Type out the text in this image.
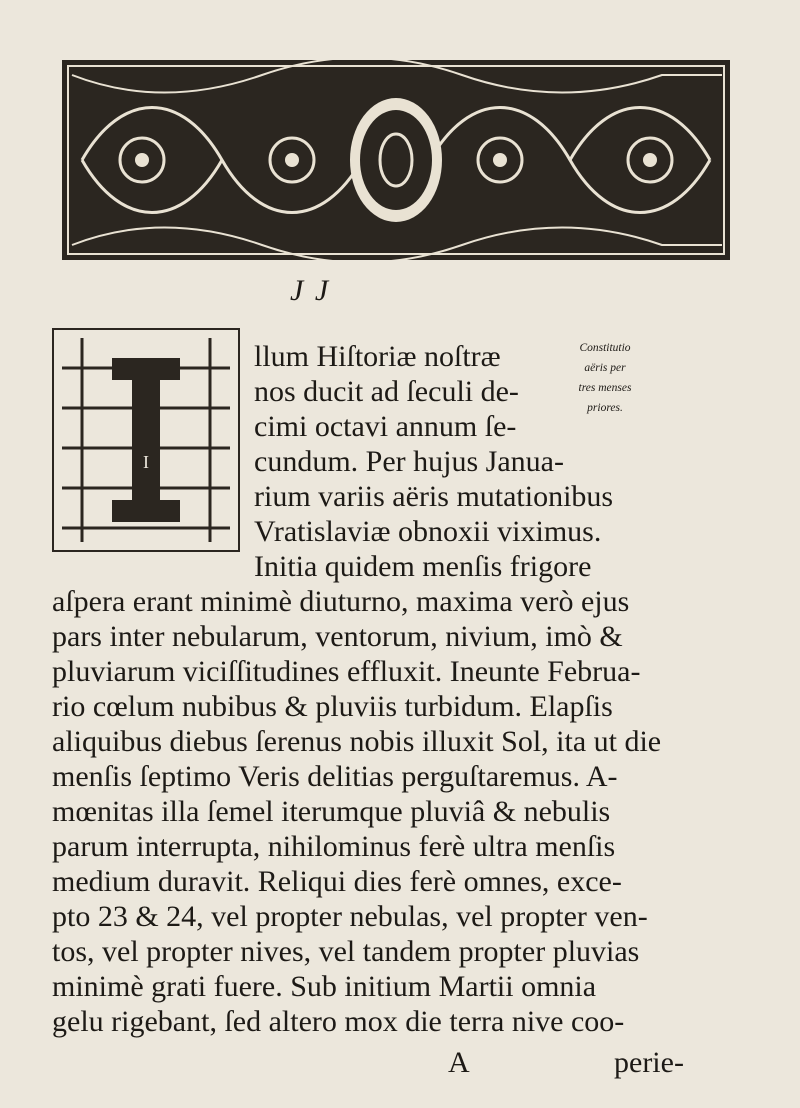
J J
I
Constitutio
aëris per
tres menses
priores.
llum Hiſtoriæ noſtræ
nos ducit ad ſeculi de-
cimi octavi annum ſe-
cundum. Per hujus Janua-
rium variis aëris mutationibus
Vratislaviæ obnoxii viximus.
Initia quidem menſis frigore
aſpera erant minimè diuturno, maxima verò ejus
pars inter nebularum, ventorum, nivium, imò &
pluviarum viciſſitudines effluxit. Ineunte Februa-
rio cœlum nubibus & pluviis turbidum. Elapſis
aliquibus diebus ſerenus nobis illuxit Sol, ita ut die
menſis ſeptimo Veris delitias perguſtaremus. A-
mœnitas illa ſemel iterumque pluviâ & nebulis
parum interrupta, nihilominus ferè ultra menſis
medium duravit. Reliqui dies ferè omnes, exce-
pto 23 & 24, vel propter nebulas, vel propter ven-
tos, vel propter nives, vel tandem propter pluvias
minimè grati fuere. Sub initium Martii omnia
gelu rigebant, ſed altero mox die terra nive coo-
A	perie-
